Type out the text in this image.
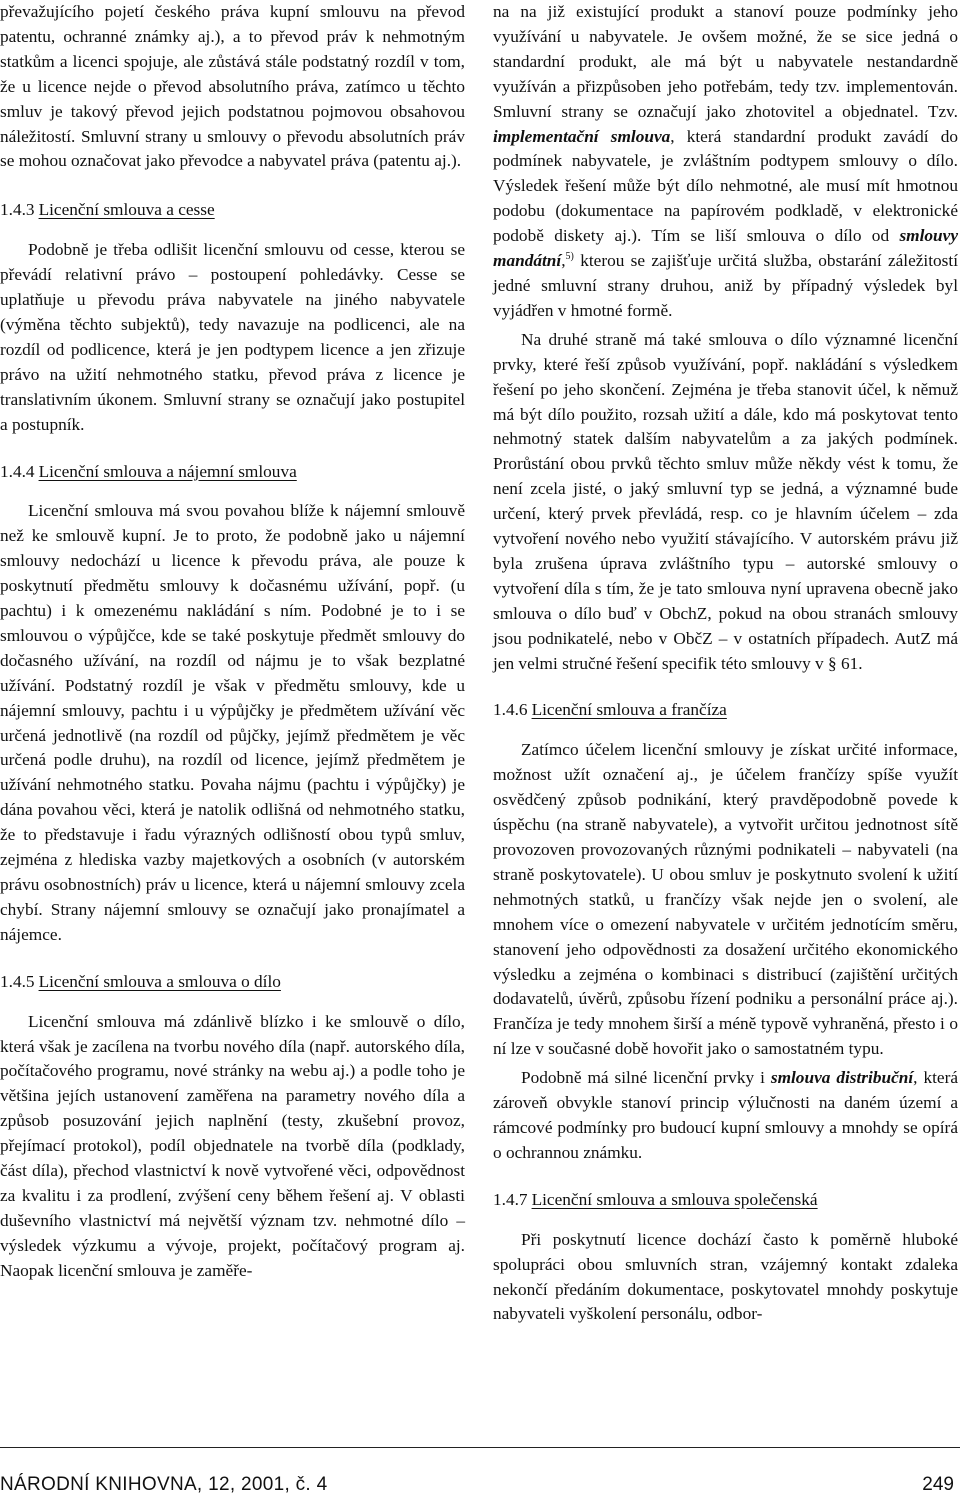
převažujícího pojetí českého práva kupní smlouvu na převod patentu, ochranné známky aj.), a to převod práv k nehmotným statkům a licenci spojuje, ale zůstává stále podstatný rozdíl v tom, že u licence nejde o převod absolutního práva, zatímco u těchto smluv je takový převod jejich podstatnou pojmovou obsahovou náležitostí. Smluvní strany u smlouvy o převodu absolutních práv se mohou označovat jako převodce a nabyvatel práva (patentu aj.).

1.4.3 Licenční smlouva a cesse

Podobně je třeba odlišit licenční smlouvu od cesse, kterou se převádí relativní právo – postoupení pohledávky. Cesse se uplatňuje u převodu práva nabyvatele na jiného nabyvatele (výměna těchto subjektů), tedy navazuje na podlicenci, ale na rozdíl od podlicence, která je jen podtypem licence a jen zřizuje právo na užití nehmotného statku, převod práva z licence je translativním úkonem. Smluvní strany se označují jako postupitel a postupník.

1.4.4 Licenční smlouva a nájemní smlouva

Licenční smlouva má svou povahou blíže k nájemní smlouvě než ke smlouvě kupní. Je to proto, že podobně jako u nájemní smlouvy nedochází u licence k převodu práva, ale pouze k poskytnutí předmětu smlouvy k dočasnému užívání, popř. (u pachtu) i k omezenému nakládání s ním. Podobné je to i se smlouvou o výpůjčce, kde se také poskytuje předmět smlouvy do dočasného užívání, na rozdíl od nájmu je to však bezplatné užívání. Podstatný rozdíl je však v předmětu smlouvy, kde u nájemní smlouvy, pachtu i u výpůjčky je předmětem užívání věc určená jednotlivě (na rozdíl od půjčky, jejímž předmětem je věc určená podle druhu), na rozdíl od licence, jejímž předmětem je užívání nehmotného statku. Povaha nájmu (pachtu i výpůjčky) je dána povahou věci, která je natolik odlišná od nehmotného statku, že to představuje i řadu výrazných odlišností obou typů smluv, zejména z hlediska vazby majetkových a osobních (v autorském právu osobnostních) práv u licence, která u nájemní smlouvy zcela chybí. Strany nájemní smlouvy se označují jako pronajímatel a nájemce.

1.4.5 Licenční smlouva a smlouva o dílo

Licenční smlouva má zdánlivě blízko i ke smlouvě o dílo, která však je zacílena na tvorbu nového díla (např. autorského díla, počítačového programu, nové stránky na webu aj.) a podle toho je většina jejích ustanovení zaměřena na parametry nového díla a způsob posuzování jejich naplnění (testy, zkušební provoz, přejímací protokol), podíl objednatele na tvorbě díla (podklady, část díla), přechod vlastnictví k nově vytvořené věci, odpovědnost za kvalitu i za prodlení, zvýšení ceny během řešení aj. V oblasti duševního vlastnictví má největší význam tzv. nehmotné dílo – výsledek výzkumu a vývoje, projekt, počítačový program aj. Naopak licenční smlouva je zaměře-

na na již existující produkt a stanoví pouze podmínky jeho využívání u nabyvatele. Je ovšem možné, že se sice jedná o standardní produkt, ale má být u nabyvatele nestandardně využíván a přizpůsoben jeho potřebám, tedy tzv. implementován. Smluvní strany se označují jako zhotovitel a objednatel. Tzv. implementační smlouva, která standardní produkt zavádí do podmínek nabyvatele, je zvláštním podtypem smlouvy o dílo. Výsledek řešení může být dílo nehmotné, ale musí mít hmotnou podobu (dokumentace na papírovém podkladě, v elektronické podobě diskety aj.). Tím se liší smlouva o dílo od smlouvy mandátní,$^{5)}$ kterou se zajišťuje určitá služba, obstarání záležitostí jedné smluvní strany druhou, aniž by případný výsledek byl vyjádřen v hmotné formě.

Na druhé straně má také smlouva o dílo významné licenční prvky, které řeší způsob využívání, popř. nakládání s výsledkem řešení po jeho skončení. Zejména je třeba stanovit účel, k němuž má být dílo použito, rozsah užití a dále, kdo má poskytovat tento nehmotný statek dalším nabyvatelům a za jakých podmínek. Prorůstání obou prvků těchto smluv může někdy vést k tomu, že není zcela jisté, o jaký smluvní typ se jedná, a významné bude určení, který prvek převládá, resp. co je hlavním účelem – zda vytvoření nového nebo využití stávajícího. V autorském právu již byla zrušena úprava zvláštního typu – autorské smlouvy o vytvoření díla s tím, že je tato smlouva nyní upravena obecně jako smlouva o dílo buď v ObchZ, pokud na obou stranách smlouvy jsou podnikatelé, nebo v ObčZ – v ostatních případech. AutZ má jen velmi stručné řešení specifik této smlouvy v § 61.

1.4.6 Licenční smlouva a frančíza

Zatímco účelem licenční smlouvy je získat určité informace, možnost užít označení aj., je účelem frančízy spíše využít osvědčený způsob podnikání, který pravděpodobně povede k úspěchu (na straně nabyvatele), a vytvořit určitou jednotnost sítě provozoven provozovaných různými podnikateli – nabyvateli (na straně poskytovatele). U obou smluv je poskytnuto svolení k užití nehmotných statků, u frančízy však nejde jen o svolení, ale mnohem více o omezení nabyvatele v určitém jednotícím směru, stanovení jeho odpovědnosti za dosažení určitého ekonomického výsledku a zejména o kombinaci s distribucí (zajištění určitých dodavatelů, úvěrů, způsobu řízení podniku a personální práce aj.). Frančíza je tedy mnohem širší a méně typově vyhraněná, přesto i o ní lze v současné době hovořit jako o samostatném typu.

Podobně má silné licenční prvky i smlouva distribuční, která zároveň obvykle stanoví princip výlučnosti na daném území a rámcové podmínky pro budoucí kupní smlouvy a mnohdy se opírá o ochrannou známku.

1.4.7 Licenční smlouva a smlouva společenská

Při poskytnutí licence dochází často k poměrně hluboké spolupráci obou smluvních stran, vzájemný kontakt zdaleka nekončí předáním dokumentace, poskytovatel mnohdy poskytuje nabyvateli vyškolení personálu, odbor-

NÁRODNÍ KNIHOVNA, 12, 2001, č. 4	249
